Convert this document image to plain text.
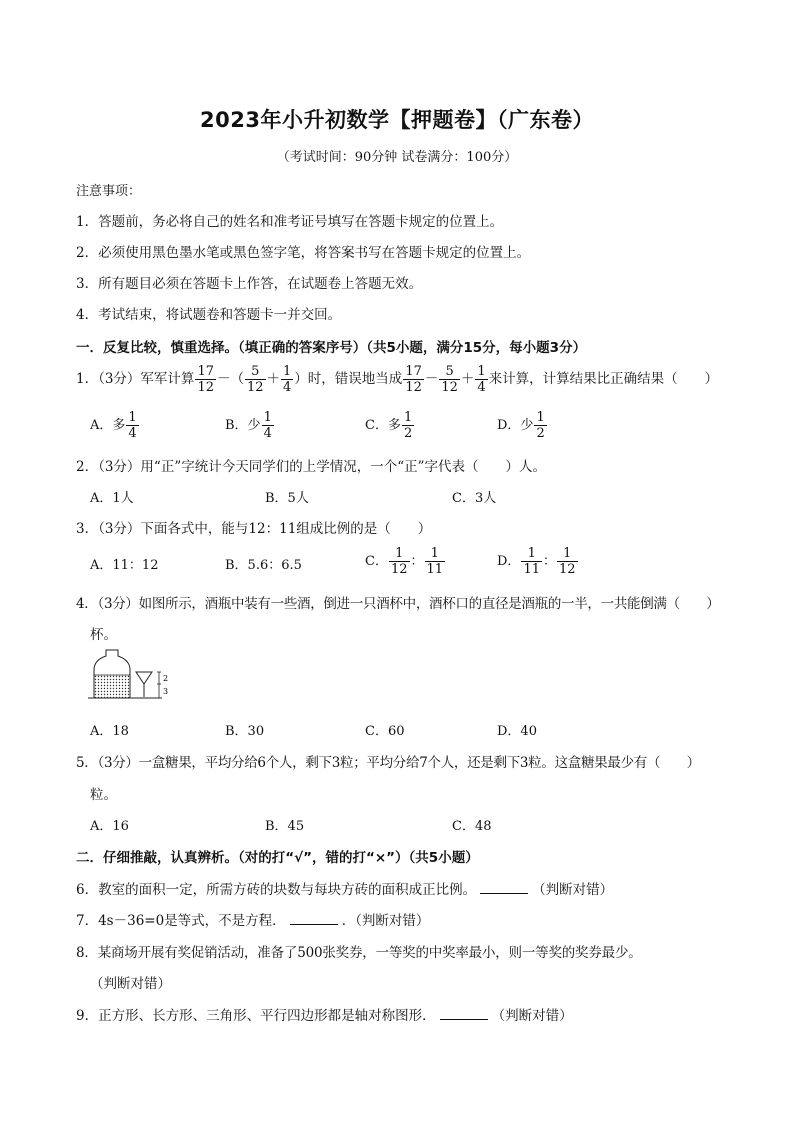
2023年小升初数学【押题卷】（广东卷）
（考试时间：90分钟 试卷满分：100分）
注意事项：
1．答题前，务必将自己的姓名和准考证号填写在答题卡规定的位置上。
2．必须使用黑色墨水笔或黑色签字笔，将答案书写在答题卡规定的位置上。
3．所有题目必须在答题卡上作答，在试题卷上答题无效。
4．考试结束，将试题卷和答题卡一并交回。
一．反复比较，慎重选择。（填正确的答案序号）（共5小题，满分15分，每小题3分）
1．（3分）军军计算 $\frac{17}{12}$ －（ $\frac{5}{12} + \frac{1}{4}$ ）时，错误地当成 $\frac{17}{12} - \frac{5}{12} + \frac{1}{4}$ 来计算，计算结果比正确结果（　　）
A．多 $\frac{1}{4}$	B．少 $\frac{1}{4}$	C．多 $\frac{1}{2}$	D．少 $\frac{1}{2}$
2．（3分）用“正”字统计今天同学们的上学情况，一个“正”字代表（　　）人。
A．1人	B．5人	C．3人
3．（3分）下面各式中，能与12：11组成比例的是（　　）
A．11：12	B．5.6：6.5	C． $\frac{1}{12}$ ： $\frac{1}{11}$	D． $\frac{1}{11}$ ： $\frac{1}{12}$
4．（3分）如图所示，酒瓶中装有一些酒，倒进一只酒杯中，酒杯口的直径是酒瓶的一半，一共能倒满（　　）
杯。
2
3
A．18	B．30	C．60	D．40
5．（3分）一盒糖果，平均分给6个人，剩下3粒；平均分给7个人，还是剩下3粒。这盒糖果最少有（　　）
粒。
A．16	B．45	C．48
二．仔细推敲，认真辨析。（对的打“√”，错的打“×”）（共5小题）
6．教室的面积一定，所需方砖的块数与每块方砖的面积成正比例。	（判断对错）
7．4s－36=0是等式，不是方程．	．（判断对错）
8．某商场开展有奖促销活动，准备了500张奖券，一等奖的中奖率最小，则一等奖的奖券最少。
（判断对错）
9．正方形、长方形、三角形、平行四边形都是轴对称图形．	（判断对错）
